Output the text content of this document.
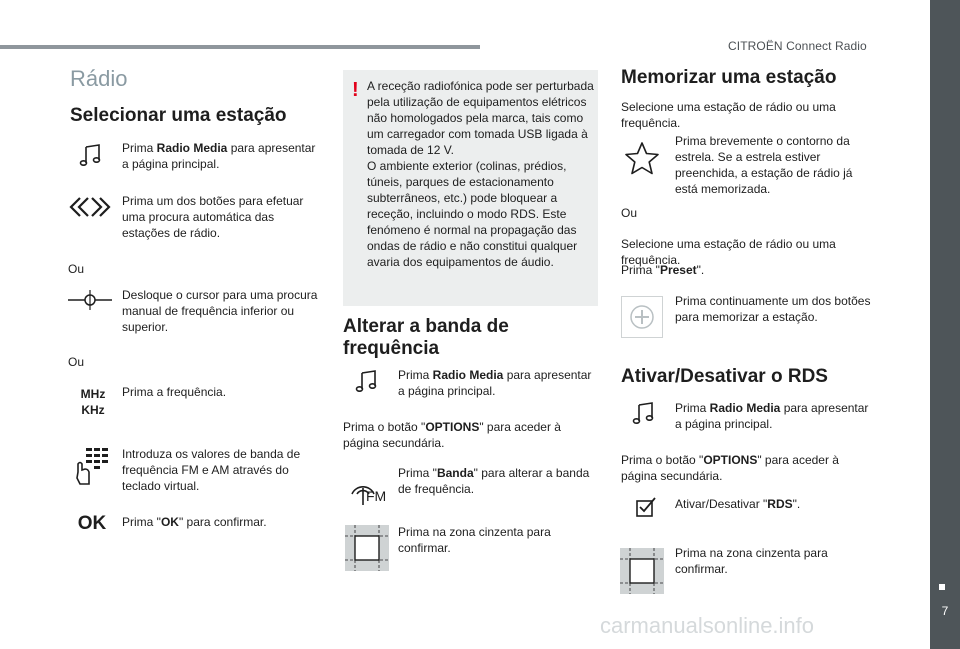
CITROËN Connect Radio
7
carmanualsonline.info
Rádio
Selecionar uma estação
Prima Radio Media para apresentar a página principal.
Prima um dos botões para efetuar uma procura automática das estações de rádio.
Ou
Desloque o cursor para uma procura manual de frequência inferior ou superior.
Ou
MHz
KHz
Prima a frequência.
Introduza os valores de banda de frequência FM e AM através do teclado virtual.
OK	Prima "OK" para confirmar.
! A receção radiofónica pode ser perturbada pela utilização de equipamentos elétricos não homologados pela marca, tais como um carregador com tomada USB ligada à tomada de 12 V.
O ambiente exterior (colinas, prédios, túneis, parques de estacionamento subterrâneos, etc.) pode bloquear a receção, incluindo o modo RDS. Este fenómeno é normal na propagação das ondas de rádio e não constitui qualquer avaria dos equipamentos de áudio.
Alterar a banda de frequência
Prima Radio Media para apresentar a página principal.
Prima o botão "OPTIONS" para aceder à página secundária.
FM
Prima "Banda" para alterar a banda de frequência.
Prima na zona cinzenta para confirmar.
Memorizar uma estação
Selecione uma estação de rádio ou uma frequência.
Prima brevemente o contorno da estrela. Se a estrela estiver preenchida, a estação de rádio já está memorizada.
Ou
Selecione uma estação de rádio ou uma frequência.
Prima "Preset".
Prima continuamente um dos botões para memorizar a estação.
Ativar/Desativar o RDS
Prima Radio Media para apresentar a página principal.
Prima o botão "OPTIONS" para aceder à página secundária.
Ativar/Desativar "RDS".
Prima na zona cinzenta para confirmar.
